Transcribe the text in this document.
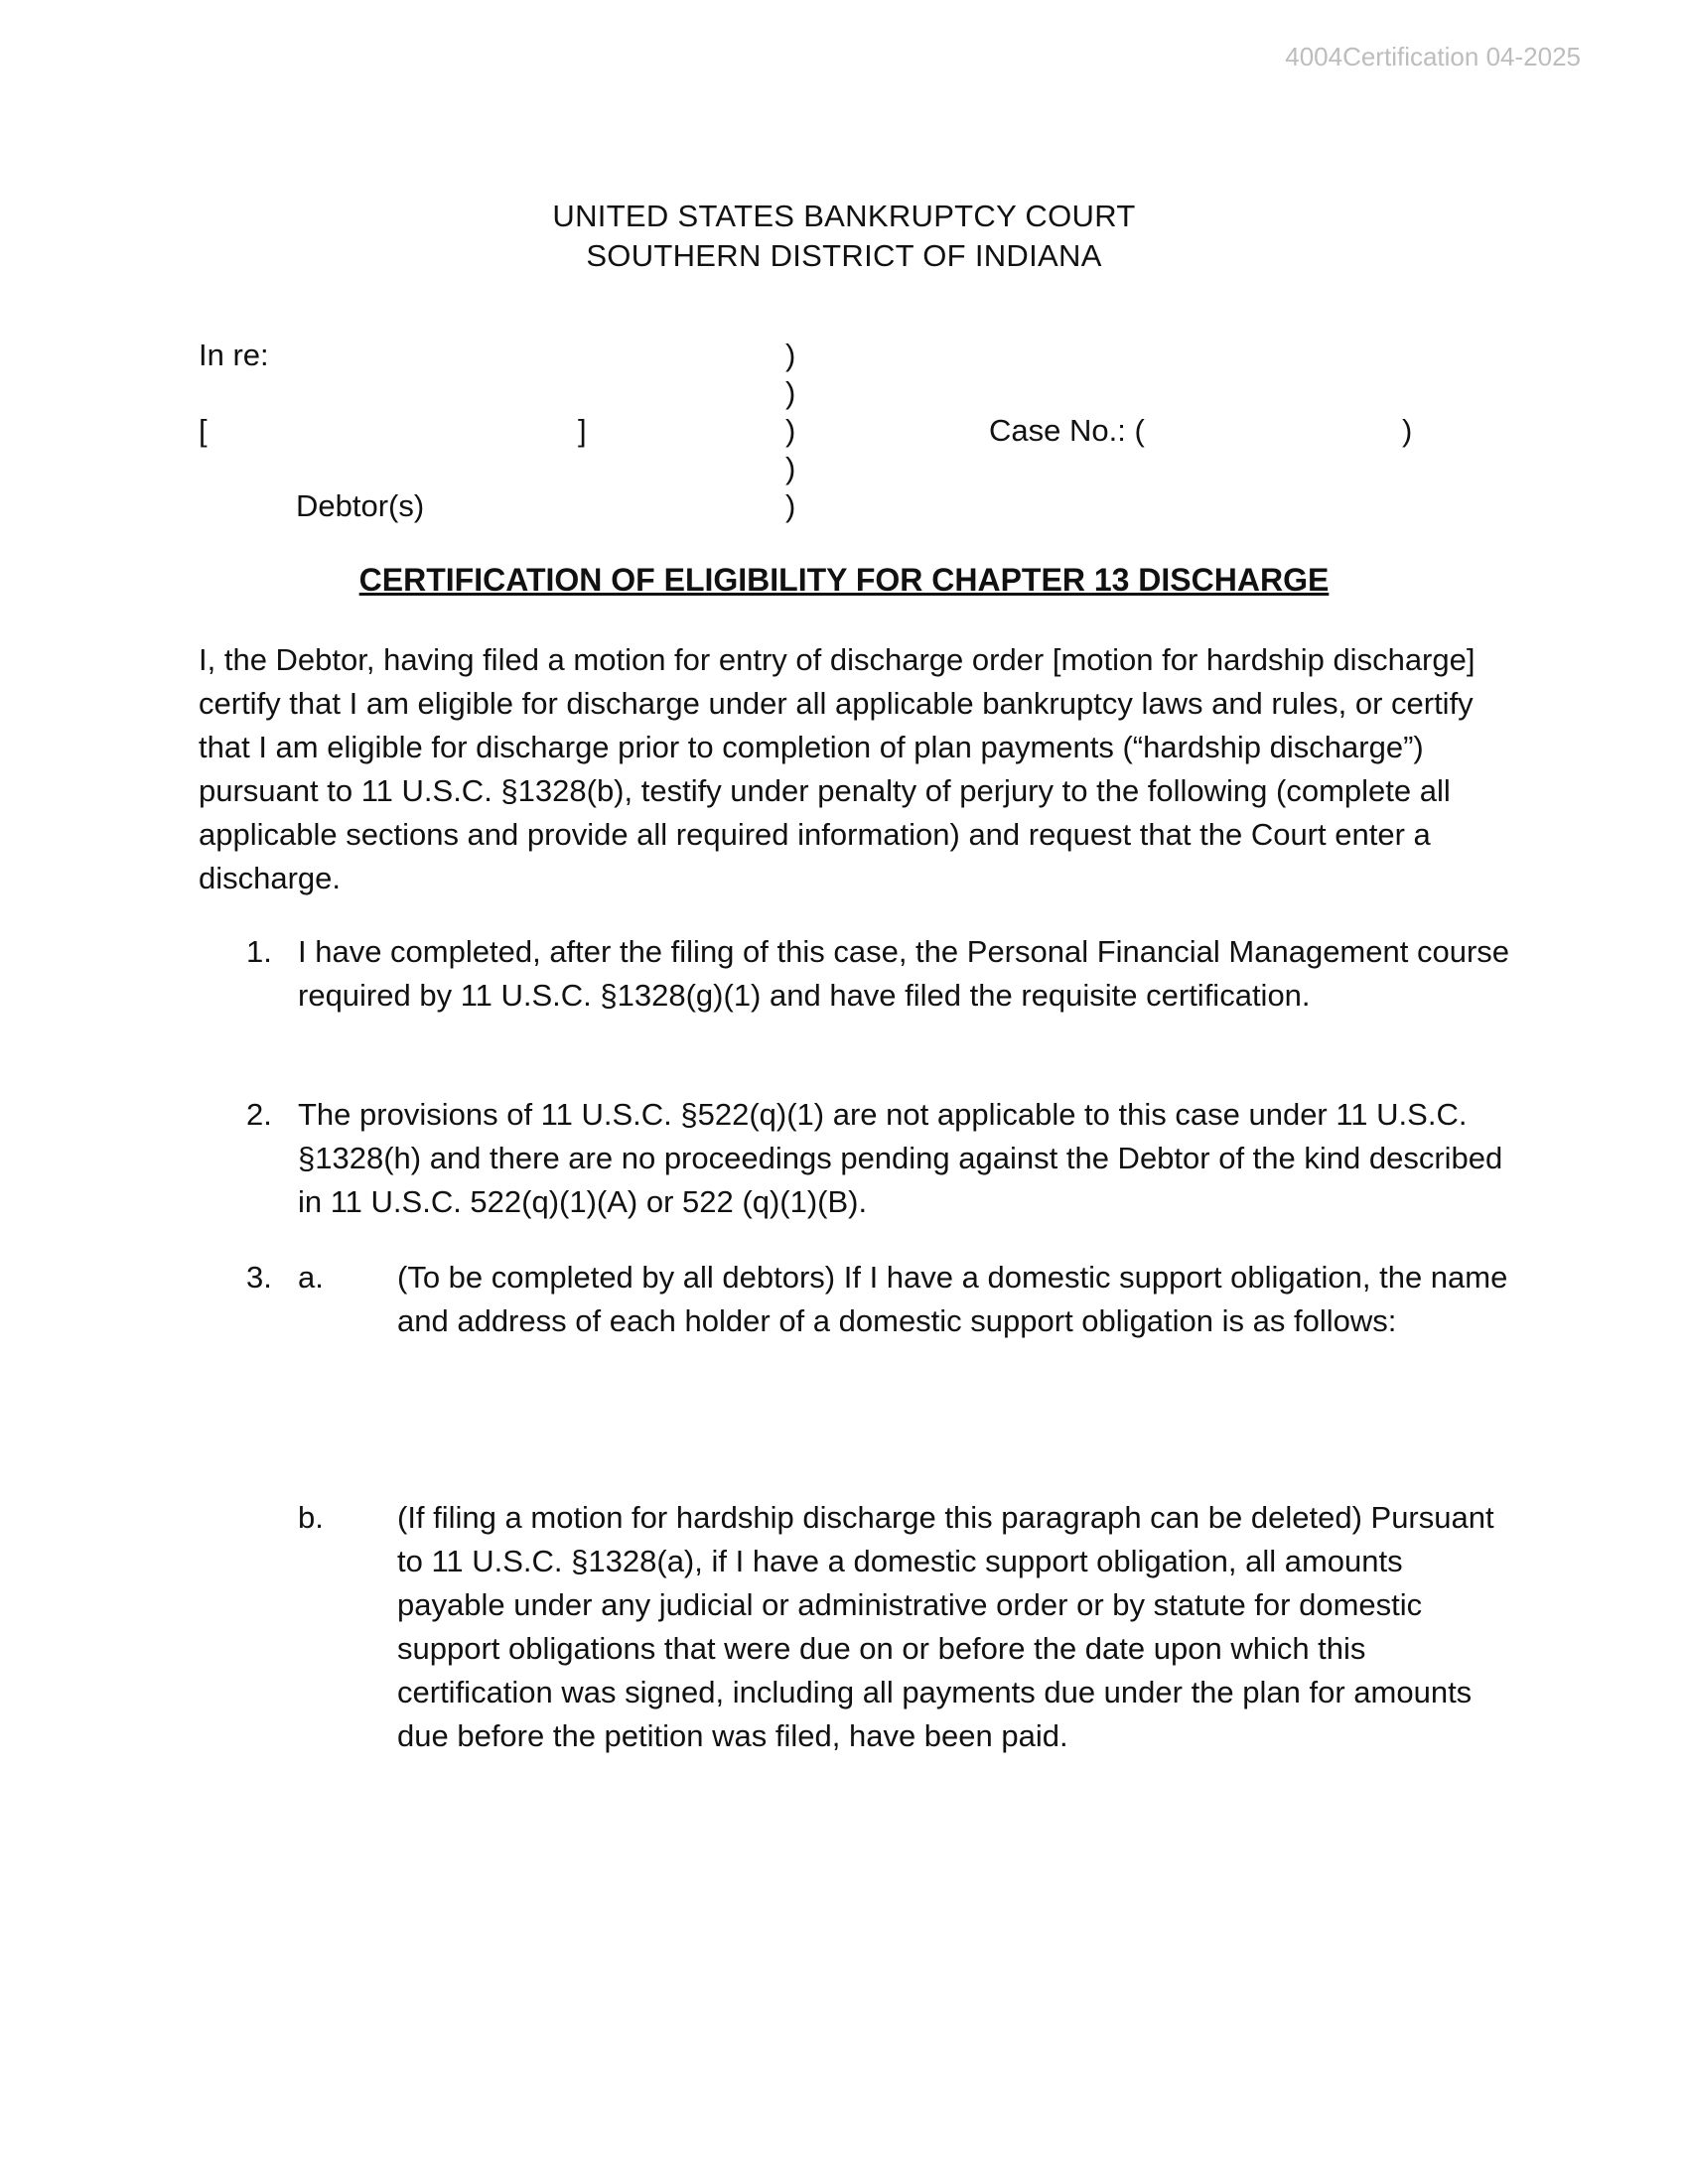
4004Certification 04-2025
UNITED STATES BANKRUPTCY COURT
SOUTHERN DISTRICT OF INDIANA
In re:
[	]
Debtor(s)
)
)
)
)
)
Case No.: (	)
CERTIFICATION OF ELIGIBILITY FOR CHAPTER 13 DISCHARGE
I, the Debtor, having filed a motion for entry of discharge order [motion for hardship discharge] certify that I am eligible for discharge under all applicable bankruptcy laws and rules, or certify that I am eligible for discharge prior to completion of plan payments (“hardship discharge”) pursuant to 11 U.S.C. §1328(b), testify under penalty of perjury to the following (complete all applicable sections and provide all required information) and request that the Court enter a discharge.
1. I have completed, after the filing of this case, the Personal Financial Management course required by 11 U.S.C. §1328(g)(1) and have filed the requisite certification.
2. The provisions of 11 U.S.C. §522(q)(1) are not applicable to this case under 11 U.S.C. §1328(h) and there are no proceedings pending against the Debtor of the kind described in 11 U.S.C. 522(q)(1)(A) or 522 (q)(1)(B).
3. a. (To be completed by all debtors) If I have a domestic support obligation, the name and address of each holder of a domestic support obligation is as follows:
b. (If filing a motion for hardship discharge this paragraph can be deleted) Pursuant to 11 U.S.C. §1328(a), if I have a domestic support obligation, all amounts payable under any judicial or administrative order or by statute for domestic support obligations that were due on or before the date upon which this certification was signed, including all payments due under the plan for amounts due before the petition was filed, have been paid.
